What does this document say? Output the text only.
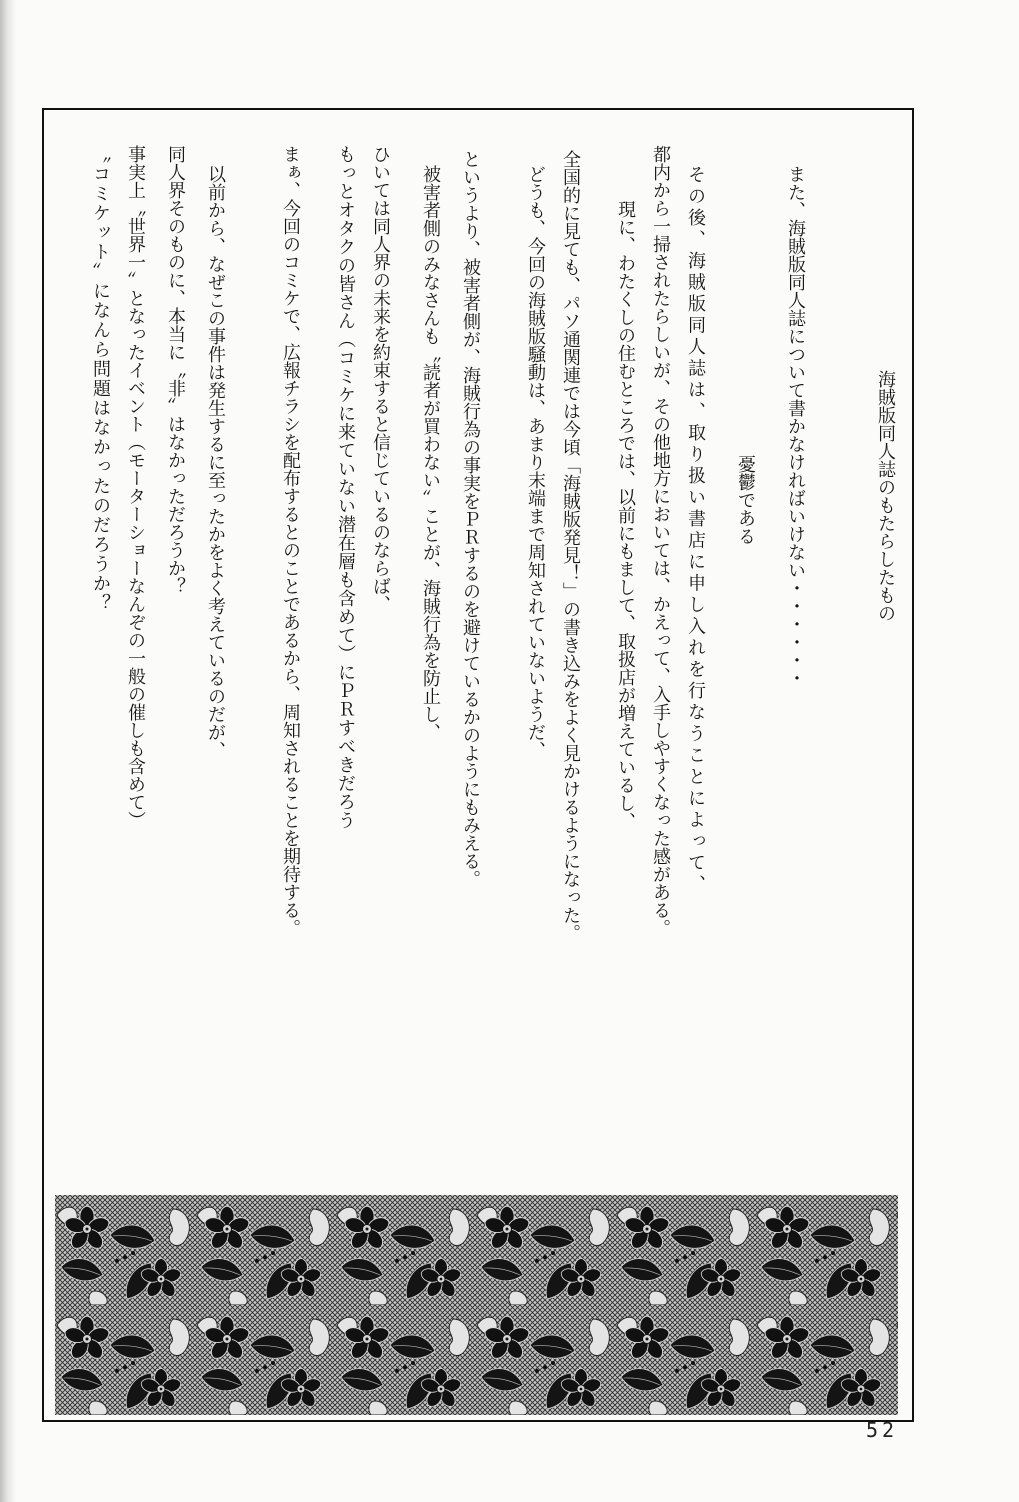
海賊版同人誌のもたらしたもの
また、海賊版同人誌について書かなければいけない・・・・・・
憂鬱である
その後、海賊版同人誌は、取り扱い書店に申し入れを行なうことによって、
都内から一掃されたらしいが、その他地方においては、かえって、入手しやすくなった感がある。
現に、わたくしの住むところでは、以前にもまして、取扱店が増えているし、
全国的に見ても、パソ通関連では今頃「海賊版発見！」の書き込みをよく見かけるようになった。
どうも、今回の海賊版騒動は、あまり末端まで周知されていないようだ、
というより、被害者側が、海賊行為の事実をＰＲするのを避けているかのようにもみえる。
被害者側のみなさんも〝読者が買わない〟ことが、海賊行為を防止し、
ひいては同人界の未来を約束すると信じているのならば、
もっとオタクの皆さん（コミケに来ていない潜在層も含めて）にＰＲすべきだろう
まぁ、今回のコミケで、広報チラシを配布するとのことであるから、周知されることを期待する。
以前から、なぜこの事件は発生するに至ったかをよく考えているのだが、
同人界そのものに、本当に〝非〟はなかっただろうか？
事実上〝世界一〟となったイベント（モーターショーなんぞの一般の催しも含めて）
〝コミケット〟になんら問題はなかったのだろうか？
52
